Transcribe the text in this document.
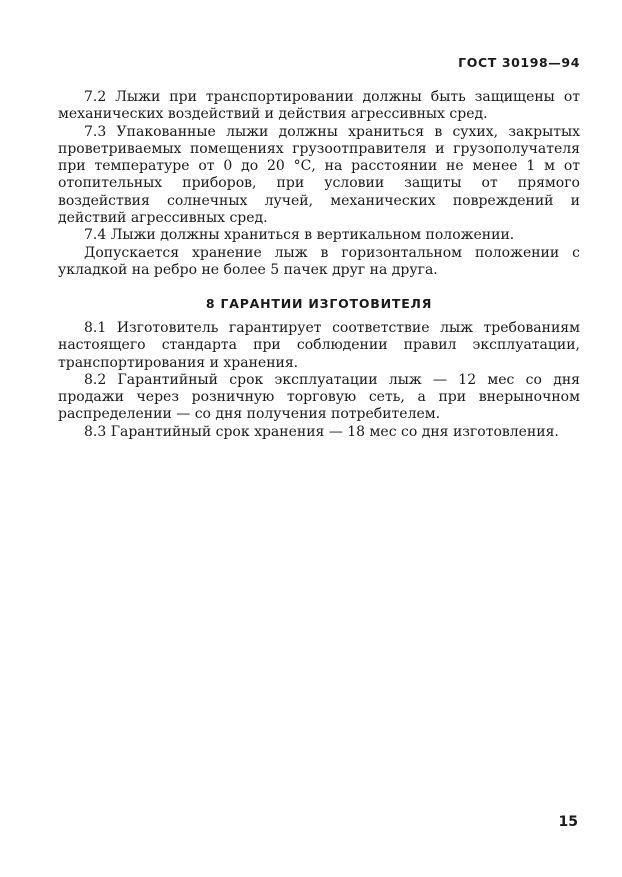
ГОСТ 30198—94

7.2 Лыжи при транспортировании должны быть защищены от механических воздействий и действия агрессивных сред.

7.3 Упакованные лыжи должны храниться в сухих, закрытых проветриваемых помещениях грузоотправителя и грузополучателя при температуре от 0 до 20 °С, на расстоянии не менее 1 м от отопительных приборов, при условии защиты от прямого воздействия солнечных лучей, механических повреждений и действий агрессивных сред.

7.4 Лыжи должны храниться в вертикальном положении.

Допускается хранение лыж в горизонтальном положении с укладкой на ребро не более 5 пачек друг на друга.

8 ГАРАНТИИ ИЗГОТОВИТЕЛЯ

8.1 Изготовитель гарантирует соответствие лыж требованиям настоящего стандарта при соблюдении правил эксплуатации, транспортирования и хранения.

8.2 Гарантийный срок эксплуатации лыж — 12 мес со дня продажи через розничную торговую сеть, а при внерыночном распределении — со дня получения потребителем.

8.3 Гарантийный срок хранения — 18 мес со дня изготовления.

15
